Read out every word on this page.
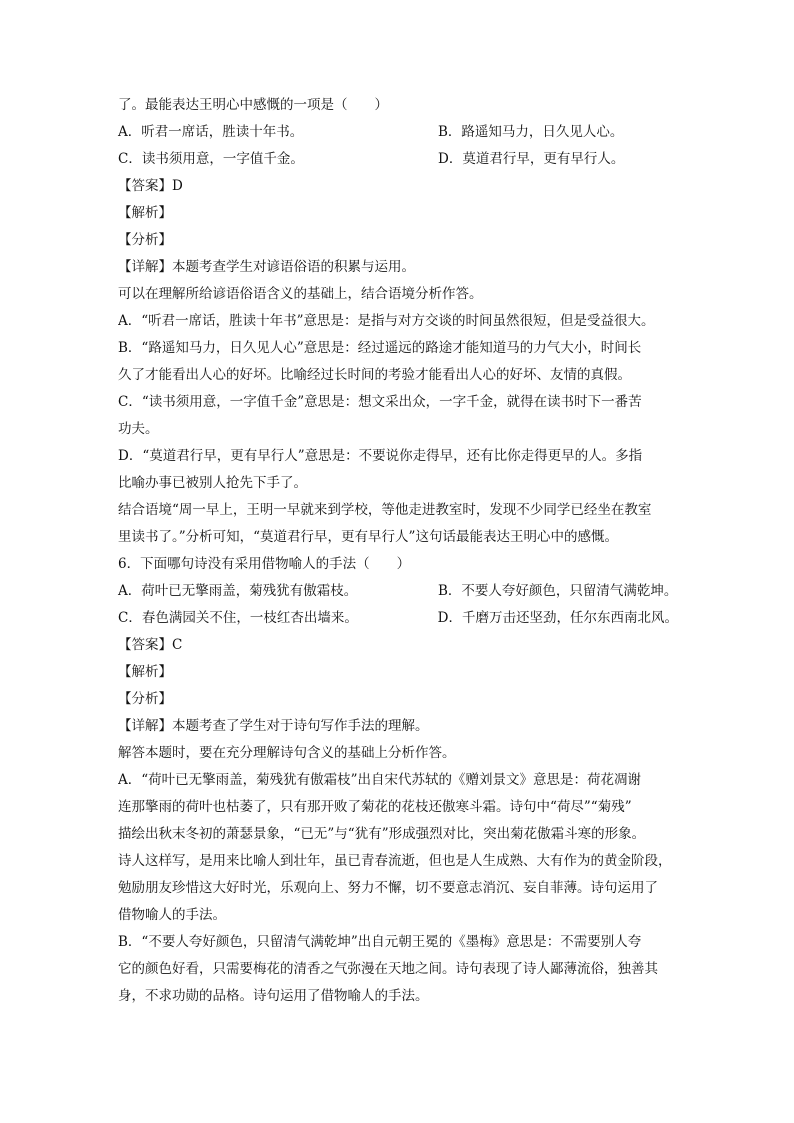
了。最能表达王明心中感慨的一项是（　　）
A．听君一席话，胜读十年书。	B．路遥知马力，日久见人心。
C．读书须用意，一字值千金。	D．莫道君行早，更有早行人。
【答案】D
【解析】
【分析】
【详解】本题考查学生对谚语俗语的积累与运用。
可以在理解所给谚语俗语含义的基础上，结合语境分析作答。
A．“听君一席话，胜读十年书”意思是：是指与对方交谈的时间虽然很短，但是受益很大。
B．“路遥知马力，日久见人心”意思是：经过遥远的路途才能知道马的力气大小，时间长
久了才能看出人心的好坏。比喻经过长时间的考验才能看出人心的好坏、友情的真假。
C．“读书须用意，一字值千金”意思是：想文采出众，一字千金，就得在读书时下一番苦
功夫。
D．“莫道君行早，更有早行人”意思是：不要说你走得早，还有比你走得更早的人。多指
比喻办事已被别人抢先下手了。
结合语境“周一早上，王明一早就来到学校，等他走进教室时，发现不少同学已经坐在教室
里读书了。”分析可知，“莫道君行早，更有早行人”这句话最能表达王明心中的感慨。
6．下面哪句诗没有采用借物喻人的手法（　　）
A．荷叶已无擎雨盖，菊残犹有傲霜枝。	B．不要人夸好颜色，只留清气满乾坤。
C．春色满园关不住，一枝红杏出墙来。	D．千磨万击还坚劲，任尔东西南北风。
【答案】C
【解析】
【分析】
【详解】本题考查了学生对于诗句写作手法的理解。
解答本题时，要在充分理解诗句含义的基础上分析作答。
A．“荷叶已无擎雨盖，菊残犹有傲霜枝”出自宋代苏轼的《赠刘景文》意思是：荷花凋谢
连那擎雨的荷叶也枯萎了，只有那开败了菊花的花枝还傲寒斗霜。诗句中“荷尽”“菊残”
描绘出秋末冬初的萧瑟景象，“已无”与“犹有”形成强烈对比，突出菊花傲霜斗寒的形象。
诗人这样写，是用来比喻人到壮年，虽已青春流逝，但也是人生成熟、大有作为的黄金阶段，
勉励朋友珍惜这大好时光，乐观向上、努力不懈，切不要意志消沉、妄自菲薄。诗句运用了
借物喻人的手法。
B．“不要人夸好颜色，只留清气满乾坤”出自元朝王冕的《墨梅》意思是：不需要别人夸
它的颜色好看，只需要梅花的清香之气弥漫在天地之间。诗句表现了诗人鄙薄流俗，独善其
身，不求功勋的品格。诗句运用了借物喻人的手法。
